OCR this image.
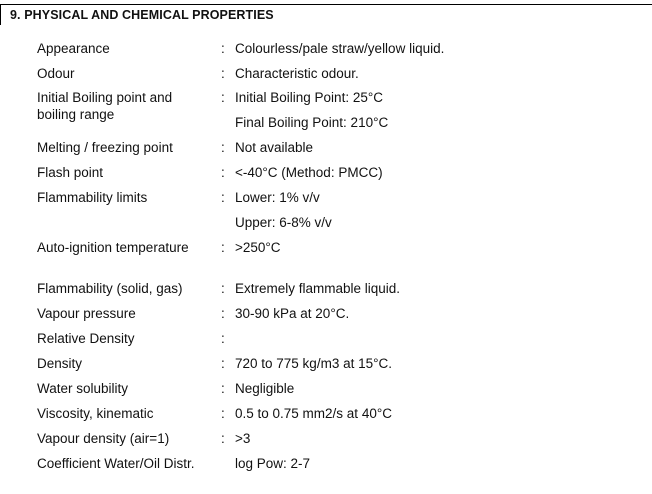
9. PHYSICAL AND CHEMICAL PROPERTIES
Appearance	: Colourless/pale straw/yellow liquid.
Odour	: Characteristic odour.
Initial Boiling point and boiling range
: Initial Boiling Point: 25°C
Final Boiling Point: 210°C
Melting / freezing point	: Not available
Flash point	: <-40°C (Method: PMCC)
Flammability limits	: Lower: 1% v/v
Upper: 6-8% v/v
Auto-ignition temperature	: >250°C
Flammability (solid, gas)	: Extremely flammable liquid.
Vapour pressure	: 30-90 kPa at 20°C.
Relative Density	:
Density	: 720 to 775 kg/m3 at 15°C.
Water solubility	: Negligible
Viscosity, kinematic	: 0.5 to 0.75 mm2/s at 40°C
Vapour density (air=1)	: >3
Coefficient Water/Oil Distr.	log Pow: 2-7
